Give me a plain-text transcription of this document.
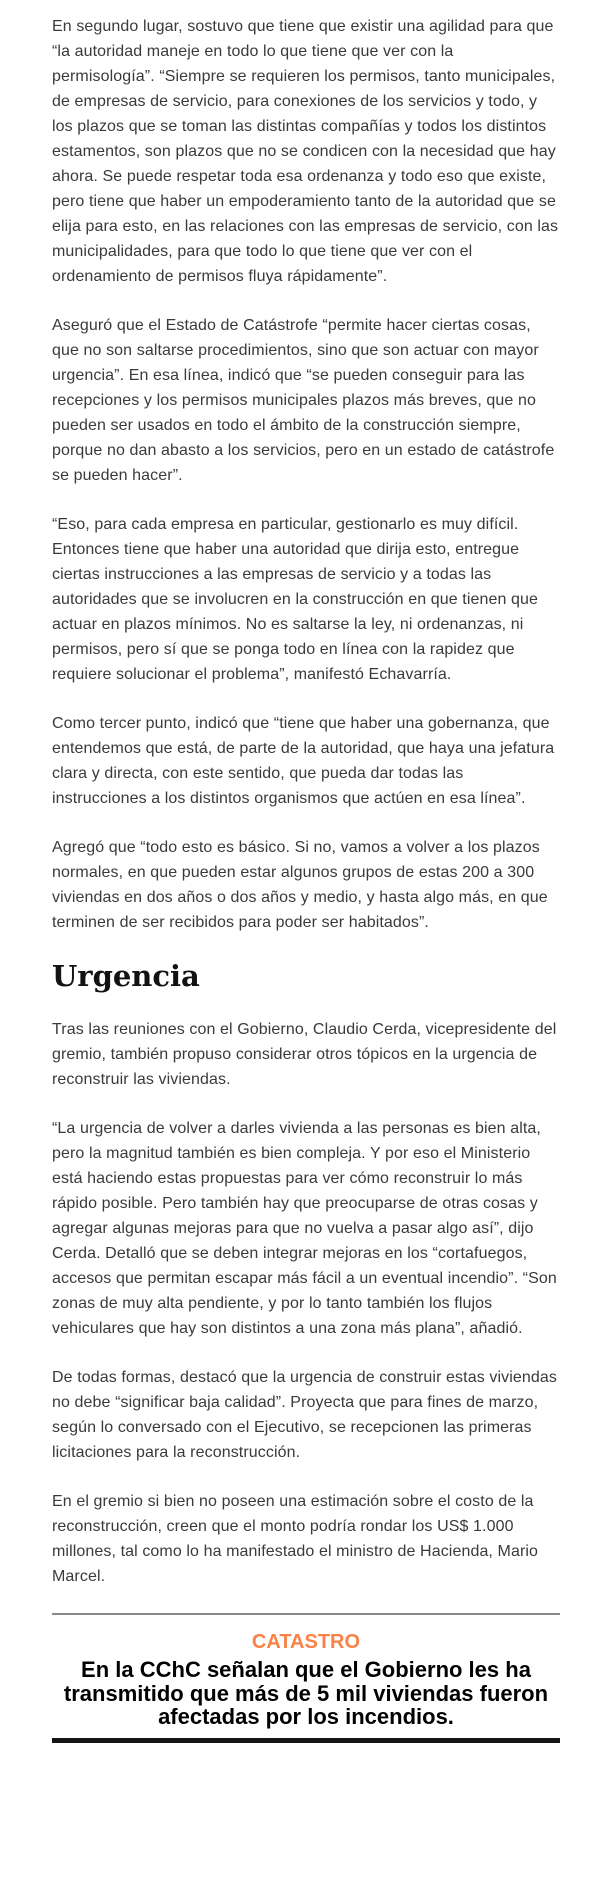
En segundo lugar, sostuvo que tiene que existir una agilidad para que “la autoridad maneje en todo lo que tiene que ver con la permisología”. “Siempre se requieren los permisos, tanto municipales, de empresas de servicio, para conexiones de los servicios y todo, y los plazos que se toman las distintas compañías y todos los distintos estamentos, son plazos que no se condicen con la necesidad que hay ahora. Se puede respetar toda esa ordenanza y todo eso que existe, pero tiene que haber un empoderamiento tanto de la autoridad que se elija para esto, en las relaciones con las empresas de servicio, con las municipalidades, para que todo lo que tiene que ver con el ordenamiento de permisos fluya rápidamente”.

Aseguró que el Estado de Catástrofe “permite hacer ciertas cosas, que no son saltarse procedimientos, sino que son actuar con mayor urgencia”. En esa línea, indicó que “se pueden conseguir para las recepciones y los permisos municipales plazos más breves, que no pueden ser usados en todo el ámbito de la construcción siempre, porque no dan abasto a los servicios, pero en un estado de catástrofe se pueden hacer”.

“Eso, para cada empresa en particular, gestionarlo es muy difícil. Entonces tiene que haber una autoridad que dirija esto, entregue ciertas instrucciones a las empresas de servicio y a todas las autoridades que se involucren en la construcción en que tienen que actuar en plazos mínimos. No es saltarse la ley, ni ordenanzas, ni permisos, pero sí que se ponga todo en línea con la rapidez que requiere solucionar el problema”, manifestó Echavarría.

Como tercer punto, indicó que “tiene que haber una gobernanza, que entendemos que está, de parte de la autoridad, que haya una jefatura clara y directa, con este sentido, que pueda dar todas las instrucciones a los distintos organismos que actúen en esa línea”.

Agregó que “todo esto es básico. Si no, vamos a volver a los plazos normales, en que pueden estar algunos grupos de estas 200 a 300 viviendas en dos años o dos años y medio, y hasta algo más, en que terminen de ser recibidos para poder ser habitados”.

Urgencia

Tras las reuniones con el Gobierno, Claudio Cerda, vicepresidente del gremio, también propuso considerar otros tópicos en la urgencia de reconstruir las viviendas.

“La urgencia de volver a darles vivienda a las personas es bien alta, pero la magnitud también es bien compleja. Y por eso el Ministerio está haciendo estas propuestas para ver cómo reconstruir lo más rápido posible. Pero también hay que preocuparse de otras cosas y agregar algunas mejoras para que no vuelva a pasar algo así”, dijo Cerda. Detalló que se deben integrar mejoras en los “cortafuegos, accesos que permitan escapar más fácil a un eventual incendio”. “Son zonas de muy alta pendiente, y por lo tanto también los flujos vehiculares que hay son distintos a una zona más plana”, añadió.

De todas formas, destacó que la urgencia de construir estas viviendas no debe “significar baja calidad”. Proyecta que para fines de marzo, según lo conversado con el Ejecutivo, se recepcionen las primeras licitaciones para la reconstrucción.

En el gremio si bien no poseen una estimación sobre el costo de la reconstrucción, creen que el monto podría rondar los US$ 1.000 millones, tal como lo ha manifestado el ministro de Hacienda, Mario Marcel.

CATASTRO
En la CChC señalan que el Gobierno les ha transmitido que más de 5 mil viviendas fueron afectadas por los incendios.
